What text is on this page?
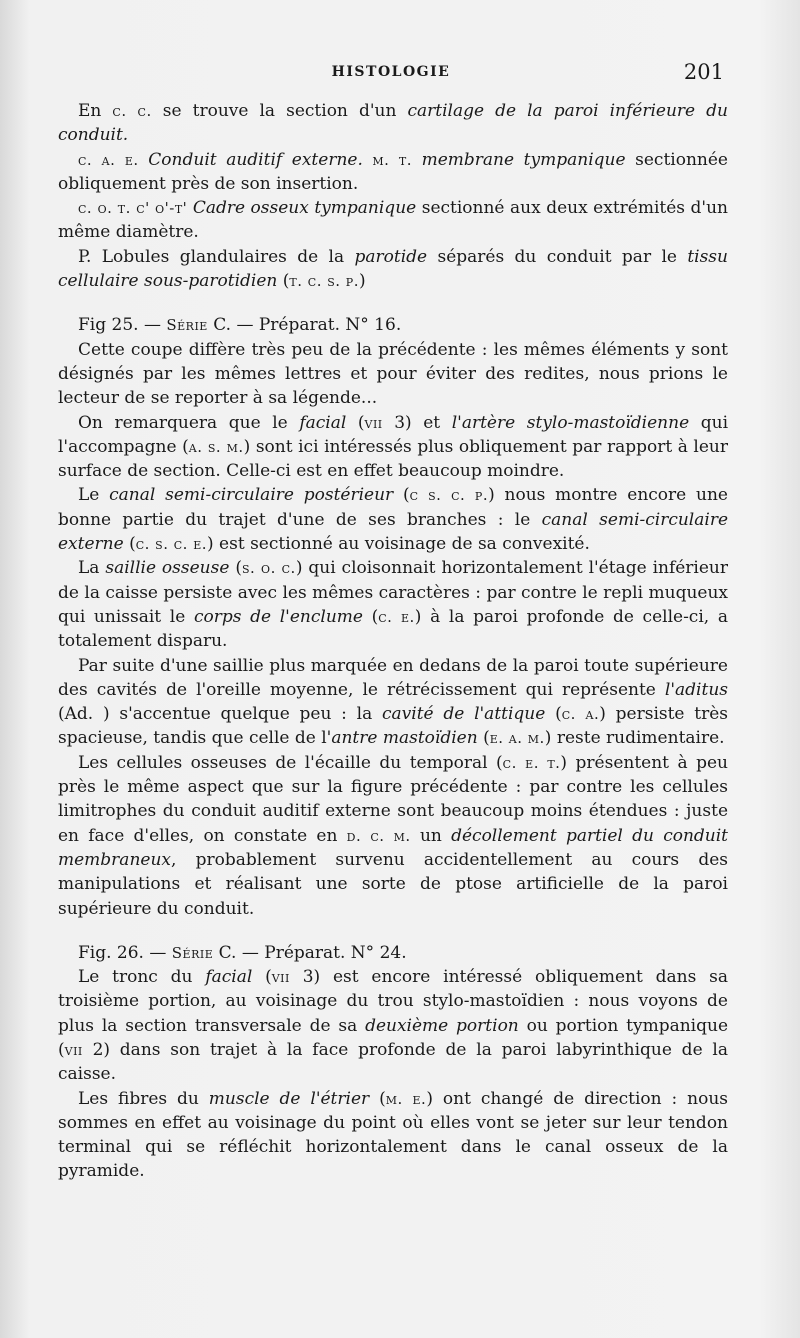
HISTOLOGIE	201

En c. c. se trouve la section d'un cartilage de la paroi inférieure du conduit.

c. a. e. Conduit auditif externe. m. t. membrane tympanique sectionnée obliquement près de son insertion.

c. o. t. c' o'-t' Cadre osseux tympanique sectionné aux deux extrémités d'un même diamètre.

P. Lobules glandulaires de la parotide séparés du conduit par le tissu cellulaire sous-parotidien (t. c. s. p.)

Fig 25. — Série C. — Préparat. N° 16.

Cette coupe diffère très peu de la précédente : les mêmes éléments y sont désignés par les mêmes lettres et pour éviter des redites, nous prions le lecteur de se reporter à sa légende...

On remarquera que le facial (vii 3) et l'artère stylo-mastoïdienne qui l'accompagne (a. s. m.) sont ici intéressés plus obliquement par rapport à leur surface de section. Celle-ci est en effet beaucoup moindre.

Le canal semi-circulaire postérieur (c s. c. p.) nous montre encore une bonne partie du trajet d'une de ses branches : le canal semi-circulaire externe (c. s. c. e.) est sectionné au voisinage de sa convexité.

La saillie osseuse (s. o. c.) qui cloisonnait horizontalement l'étage inférieur de la caisse persiste avec les mêmes caractères : par contre le repli muqueux qui unissait le corps de l'enclume (c. e.) à la paroi profonde de celle-ci, a totalement disparu.

Par suite d'une saillie plus marquée en dedans de la paroi toute supérieure des cavités de l'oreille moyenne, le rétrécissement qui représente l'aditus (Ad. ) s'accentue quelque peu : la cavité de l'attique (c. a.) persiste très spacieuse, tandis que celle de l'antre mastoïdien (e. a. m.) reste rudimentaire.

Les cellules osseuses de l'écaille du temporal (c. e. t.) présentent à peu près le même aspect que sur la figure précédente : par contre les cellules limitrophes du conduit auditif externe sont beaucoup moins étendues : juste en face d'elles, on constate en d. c. m. un décollement partiel du conduit membraneux, probablement survenu accidentellement au cours des manipulations et réalisant une sorte de ptose artificielle de la paroi supérieure du conduit.

Fig. 26. — Série C. — Préparat. N° 24.

Le tronc du facial (vii 3) est encore intéressé obliquement dans sa troisième portion, au voisinage du trou stylo-mastoïdien : nous voyons de plus la section transversale de sa deuxième portion ou portion tympanique (vii 2) dans son trajet à la face profonde de la paroi labyrinthique de la caisse.

Les fibres du muscle de l'étrier (m. e.) ont changé de direction : nous sommes en effet au voisinage du point où elles vont se jeter sur leur tendon terminal qui se réfléchit horizontalement dans le canal osseux de la pyramide.
